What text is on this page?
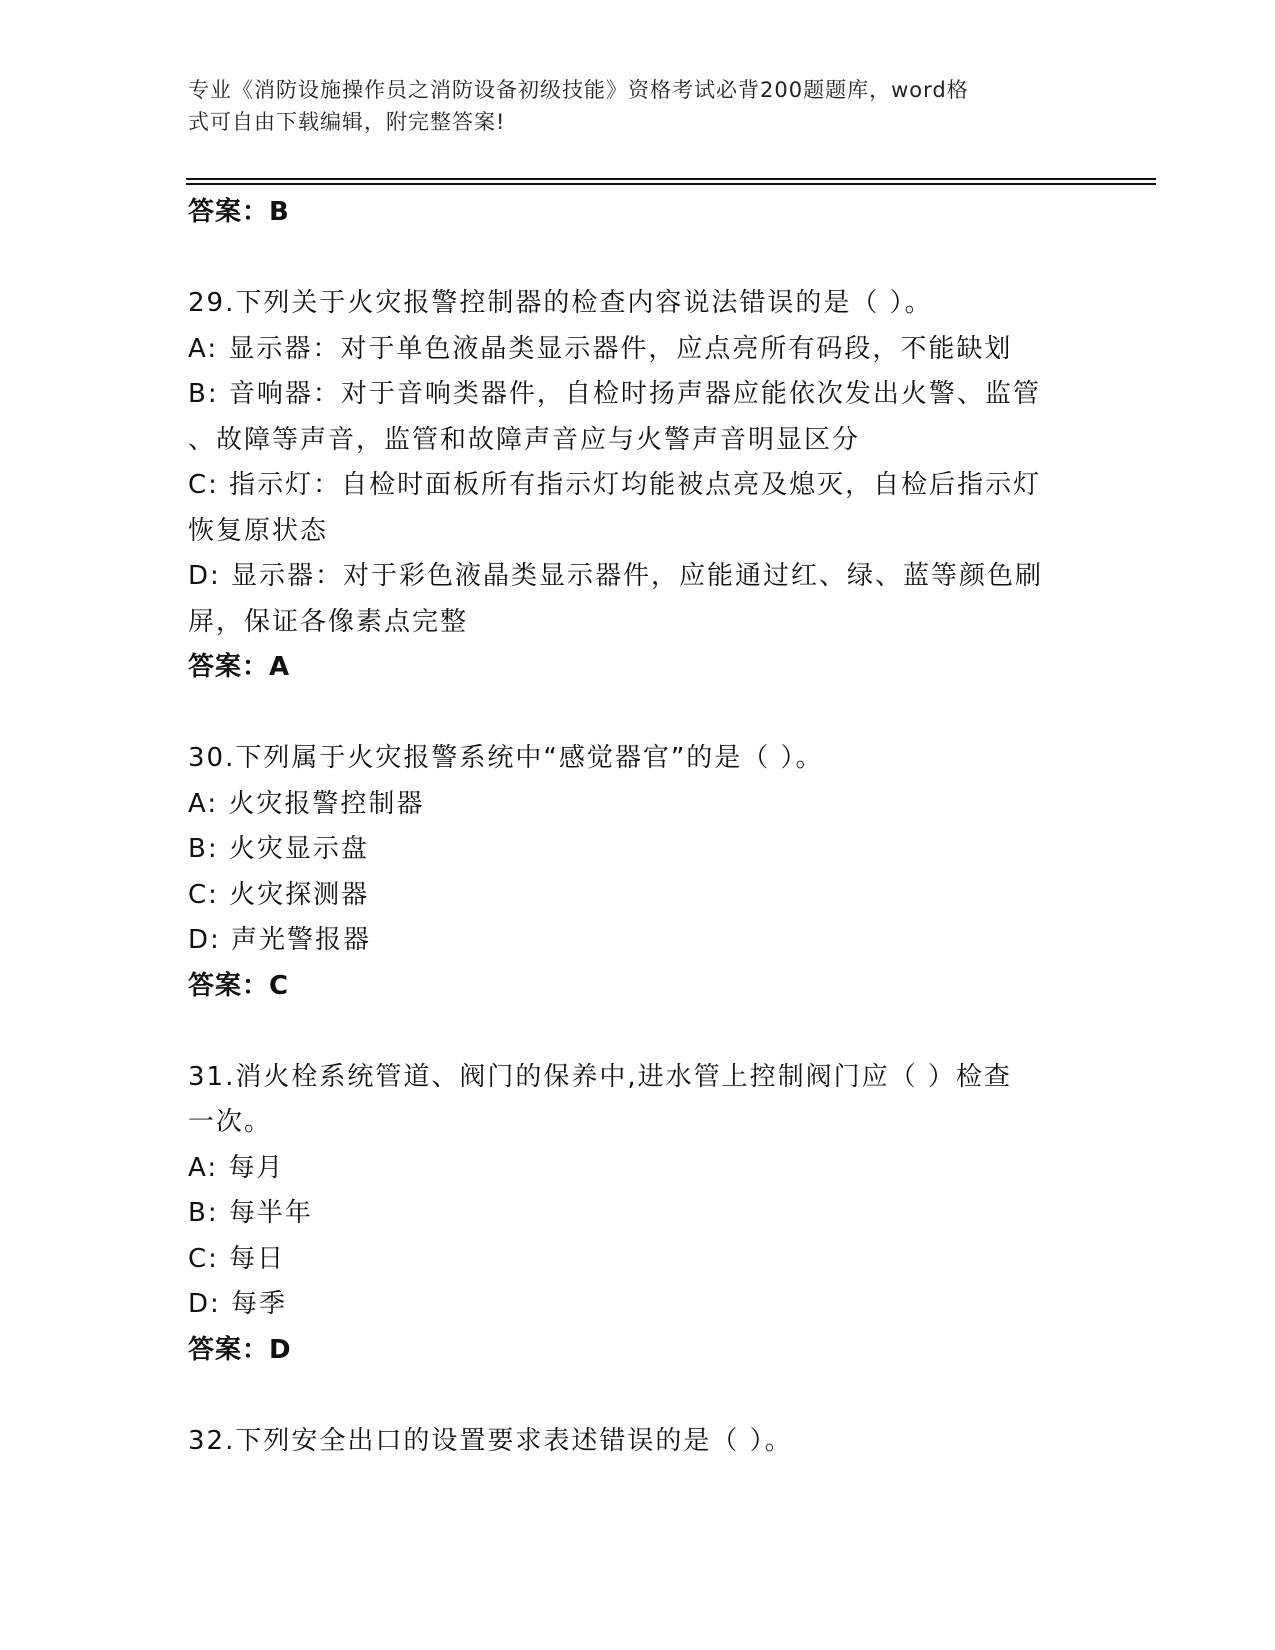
专业《消防设施操作员之消防设备初级技能》资格考试必背200题题库，word格
式可自由下载编辑，附完整答案!
答案：B
29.下列关于火灾报警控制器的检查内容说法错误的是（ ）。
A: 显示器：对于单色液晶类显示器件，应点亮所有码段，不能缺划
B: 音响器：对于音响类器件，自检时扬声器应能依次发出火警、监管
、故障等声音，监管和故障声音应与火警声音明显区分
C: 指示灯：自检时面板所有指示灯均能被点亮及熄灭，自检后指示灯
恢复原状态
D: 显示器：对于彩色液晶类显示器件，应能通过红、绿、蓝等颜色刷
屏，保证各像素点完整
答案：A
30.下列属于火灾报警系统中“感觉器官”的是（ ）。
A: 火灾报警控制器
B: 火灾显示盘
C: 火灾探测器
D: 声光警报器
答案：C
31.消火栓系统管道、阀门的保养中,进水管上控制阀门应（ ）检查
一次。
A: 每月
B: 每半年
C: 每日
D: 每季
答案：D
32.下列安全出口的设置要求表述错误的是（ ）。
